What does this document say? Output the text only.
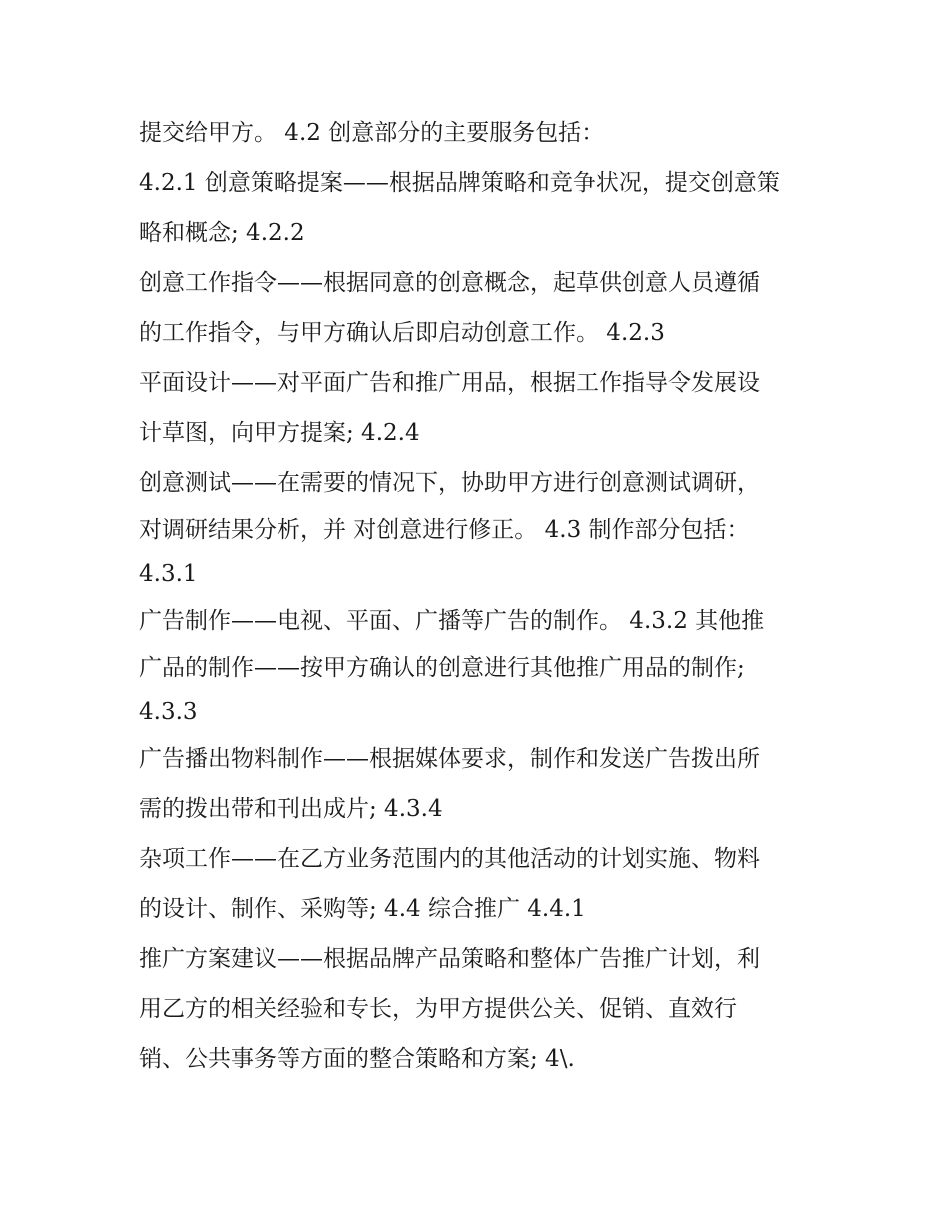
提交给甲方。 4.2 创意部分的主要服务包括：
4.2.1 创意策略提案——根据品牌策略和竞争状况，提交创意策
略和概念; 4.2.2
创意工作指令——根据同意的创意概念，起草供创意人员遵循
的工作指令，与甲方确认后即启动创意工作。 4.2.3
平面设计——对平面广告和推广用品，根据工作指导令发展设
计草图，向甲方提案; 4.2.4
创意测试——在需要的情况下，协助甲方进行创意测试调研，
对调研结果分析，并 对创意进行修正。 4.3 制作部分包括：
4.3.1
广告制作——电视、平面、广播等广告的制作。 4.3.2 其他推
广品的制作——按甲方确认的创意进行其他推广用品的制作;
4.3.3
广告播出物料制作——根据媒体要求，制作和发送广告拨出所
需的拨出带和刊出成片; 4.3.4
杂项工作——在乙方业务范围内的其他活动的计划实施、物料
的设计、制作、采购等; 4.4 综合推广 4.4.1
推广方案建议——根据品牌产品策略和整体广告推广计划，利
用乙方的相关经验和专长，为甲方提供公关、促销、直效行
销、公共事务等方面的整合策略和方案; 4\.
